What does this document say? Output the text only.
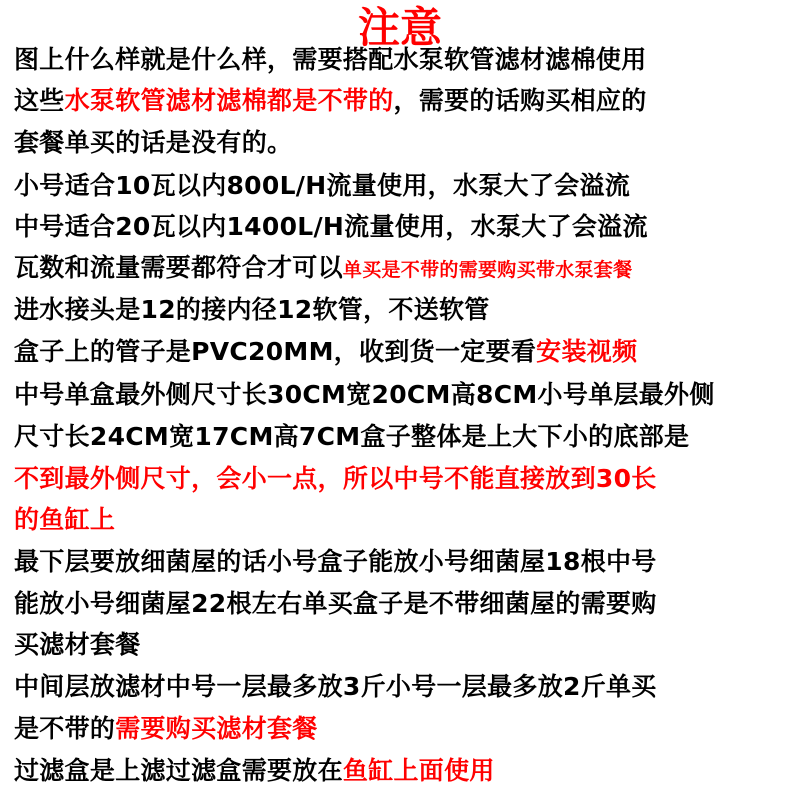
注意
图上什么样就是什么样，需要搭配水泵软管滤材滤棉使用
这些水泵软管滤材滤棉都是不带的，需要的话购买相应的
套餐单买的话是没有的。
小号适合10瓦以内800L/H流量使用，水泵大了会溢流
中号适合20瓦以内1400L/H流量使用，水泵大了会溢流
瓦数和流量需要都符合才可以单买是不带的需要购买带水泵套餐
进水接头是12的接内径12软管，不送软管
盒子上的管子是PVC20MM，收到货一定要看安装视频
中号单盒最外侧尺寸长30CM宽20CM高8CM小号单层最外侧
尺寸长24CM宽17CM高7CM盒子整体是上大下小的底部是
不到最外侧尺寸，会小一点，所以中号不能直接放到30长
的鱼缸上
最下层要放细菌屋的话小号盒子能放小号细菌屋18根中号
能放小号细菌屋22根左右单买盒子是不带细菌屋的需要购
买滤材套餐
中间层放滤材中号一层最多放3斤小号一层最多放2斤单买
是不带的需要购买滤材套餐
过滤盒是上滤过滤盒需要放在鱼缸上面使用
